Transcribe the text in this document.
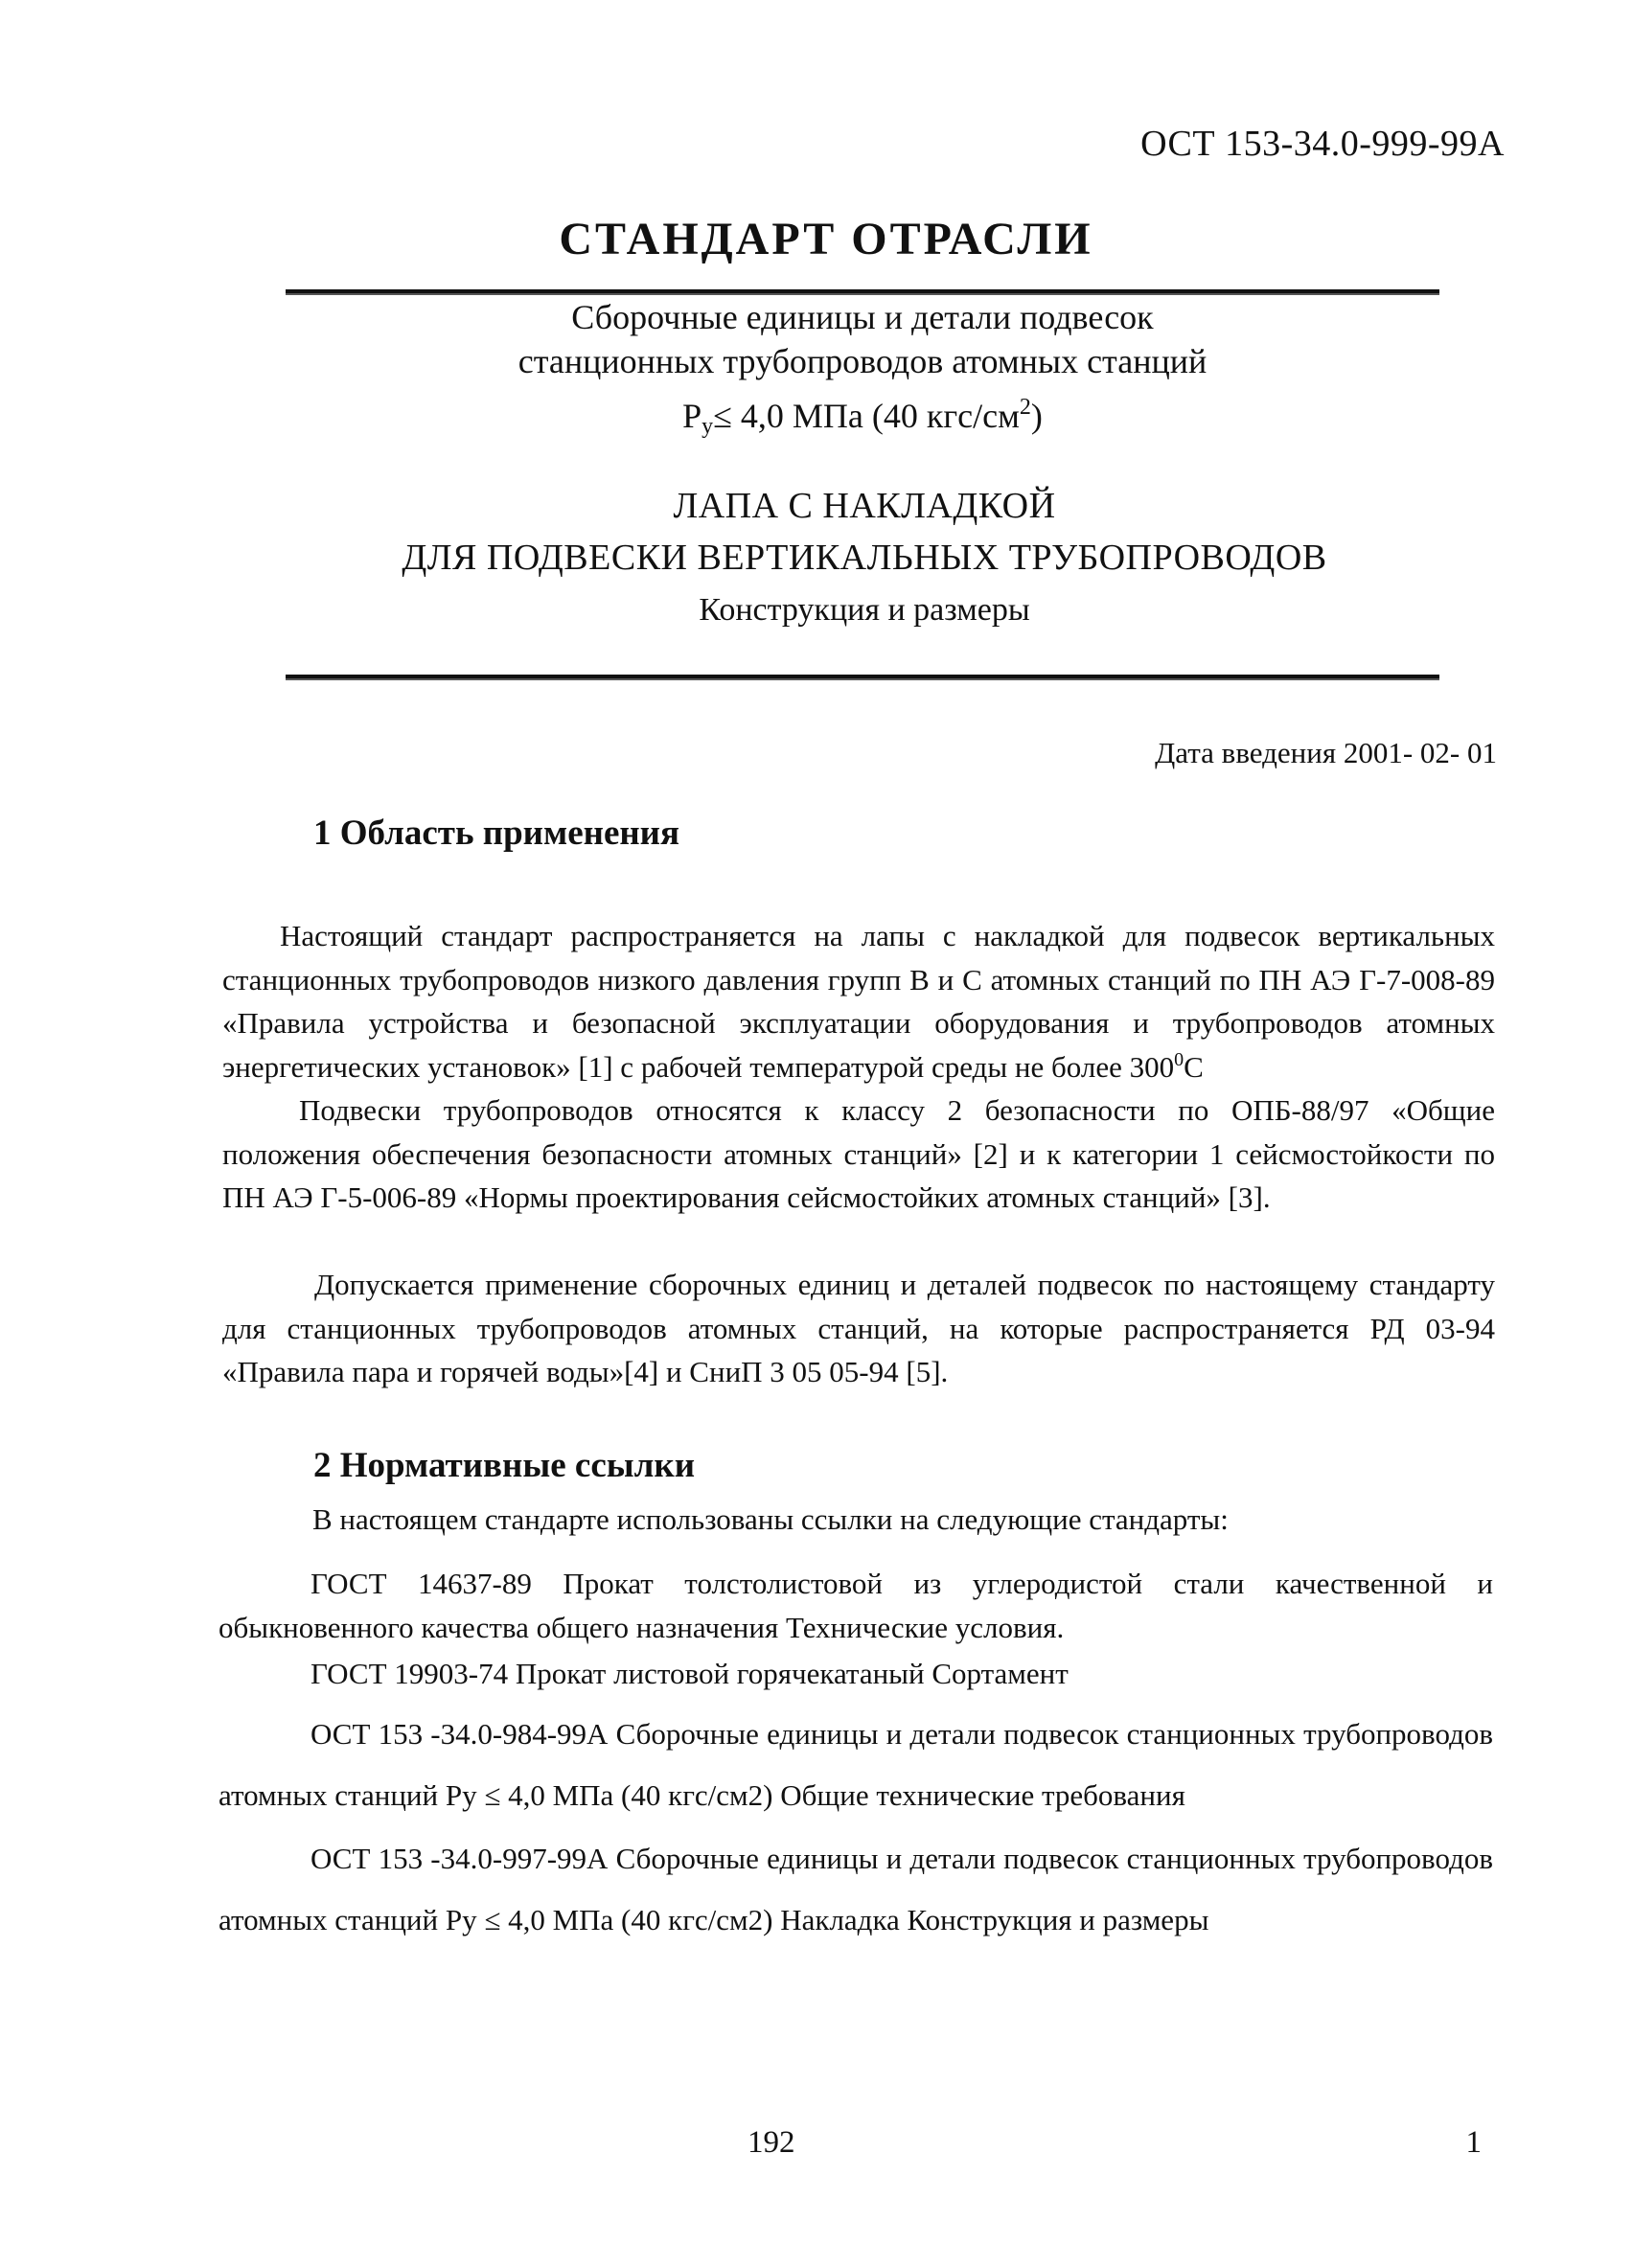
ОСТ 153-34.0-999-99А
СТАНДАРТ ОТРАСЛИ
Сборочные единицы и детали подвесок
станционных трубопроводов атомных станций
$P_y\le 4,0$ МПа (40 кгс/$см^2$)
ЛАПА С НАКЛАДКОЙ
ДЛЯ ПОДВЕСКИ ВЕРТИКАЛЬНЫХ ТРУБОПРОВОДОВ
Конструкция и размеры
Дата введения 2001- 02- 01
1 Область применения
Настоящий стандарт распространяется на лапы с накладкой для подвесок вертикальных станционных трубопроводов низкого давления групп В и С атомных станций по ПН АЭ Г-7-008-89 «Правила устройства и безопасной эксплуатации оборудования и трубопроводов атомных энергетических установок» [1] с рабочей температурой среды не более $300^0С$
Подвески трубопроводов относятся к классу 2 безопасности по ОПБ-88/97 «Общие положения обеспечения безопасности атомных станций» [2] и к категории 1 сейсмостойкости по ПН АЭ Г-5-006-89 «Нормы проектирования сейсмостойких атомных станций» [3].
Допускается применение сборочных единиц и деталей подвесок по настоящему стандарту для станционных трубопроводов атомных станций, на которые распространяется РД 03-94 «Правила пара и горячей воды»[4] и СниП 3 05 05-94 [5].
2 Нормативные ссылки
В настоящем стандарте использованы ссылки на следующие стандарты:
ГОСТ 14637-89 Прокат толстолистовой из углеродистой стали качественной и обыкновенного качества общего назначения Технические условия.
ГОСТ 19903-74 Прокат листовой горячекатаный Сортамент
ОСТ 153 -34.0-984-99А Сборочные единицы и детали подвесок станционных трубопроводов атомных станций Ру ≤ 4,0 МПа (40 кгс/см2) Общие технические требования
ОСТ 153 -34.0-997-99А Сборочные единицы и детали подвесок станционных трубопроводов атомных станций Ру ≤ 4,0 МПа (40 кгс/см2) Накладка Конструкция и размеры
192	1
